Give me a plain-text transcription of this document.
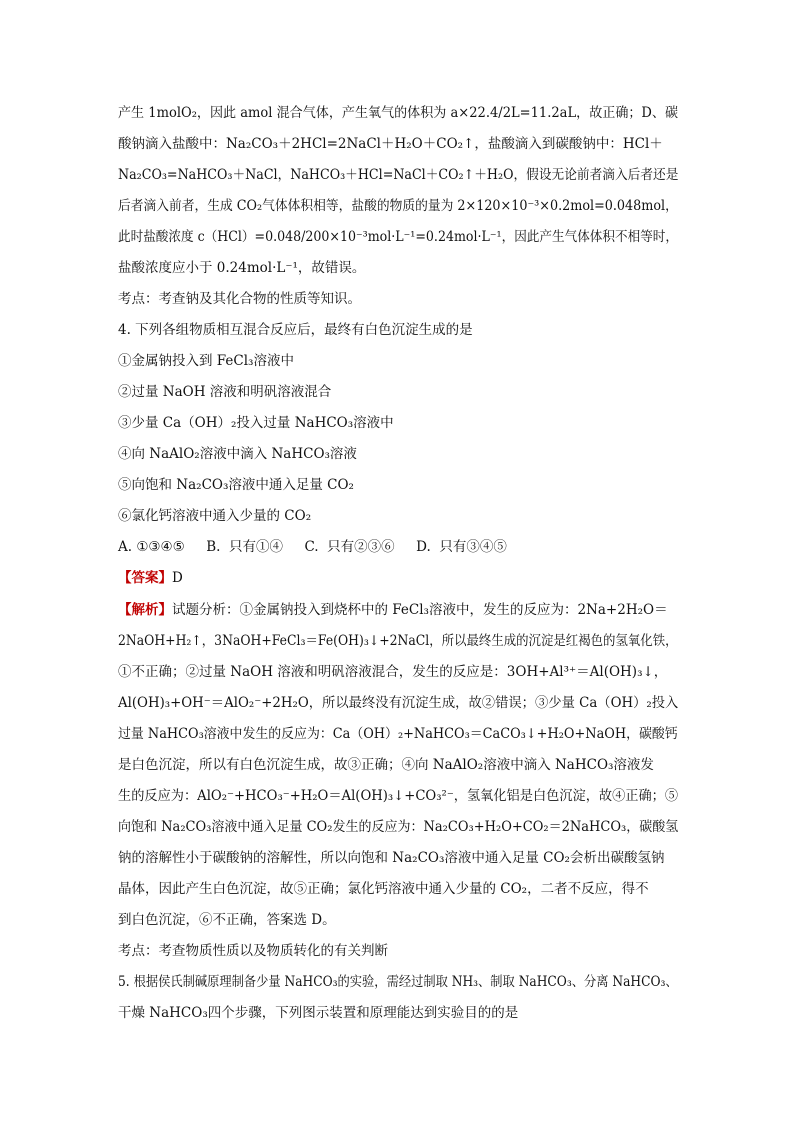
产生 1molO₂，因此 amol 混合气体，产生氧气的体积为 a×22.4/2L=11.2aL，故正确；D、碳
酸钠滴入盐酸中：Na₂CO₃＋2HCl=2NaCl＋H₂O＋CO₂↑，盐酸滴入到碳酸钠中：HCl＋
Na₂CO₃=NaHCO₃＋NaCl，NaHCO₃＋HCl=NaCl＋CO₂↑＋H₂O，假设无论前者滴入后者还是
后者滴入前者，生成 CO₂气体体积相等，盐酸的物质的量为 2×120×10⁻³×0.2mol=0.048mol，
此时盐酸浓度 c（HCl）=0.048/200×10⁻³mol·L⁻¹=0.24mol·L⁻¹，因此产生气体体积不相等时，
盐酸浓度应小于 0.24mol·L⁻¹，故错误。
考点：考查钠及其化合物的性质等知识。
4. 下列各组物质相互混合反应后，最终有白色沉淀生成的是
①金属钠投入到 FeCl₃溶液中
②过量 NaOH 溶液和明矾溶液混合
③少量 Ca（OH）₂投入过量 NaHCO₃溶液中
④向 NaAlO₂溶液中滴入 NaHCO₃溶液
⑤向饱和 Na₂CO₃溶液中通入足量 CO₂
⑥氯化钙溶液中通入少量的 CO₂
A. ①③④⑤     B.  只有①④     C.  只有②③⑥     D.  只有③④⑤
【答案】D
【解析】试题分析：①金属钠投入到烧杯中的 FeCl₃溶液中，发生的反应为：2Na+2H₂O＝
2NaOH+H₂↑，3NaOH+FeCl₃＝Fe(OH)₃↓+2NaCl，所以最终生成的沉淀是红褐色的氢氧化铁，
①不正确；②过量 NaOH 溶液和明矾溶液混合，发生的反应是：3OH+Al³⁺＝Al(OH)₃↓，
Al(OH)₃+OH⁻＝AlO₂⁻+2H₂O，所以最终没有沉淀生成，故②错误；③少量 Ca（OH）₂投入
过量 NaHCO₃溶液中发生的反应为：Ca（OH）₂+NaHCO₃＝CaCO₃↓+H₂O+NaOH，碳酸钙
是白色沉淀，所以有白色沉淀生成，故③正确；④向 NaAlO₂溶液中滴入 NaHCO₃溶液发
生的反应为：AlO₂⁻+HCO₃⁻+H₂O＝Al(OH)₃↓+CO₃²⁻，氢氧化铝是白色沉淀，故④正确；⑤
向饱和 Na₂CO₃溶液中通入足量 CO₂发生的反应为：Na₂CO₃+H₂O+CO₂＝2NaHCO₃，碳酸氢
钠的溶解性小于碳酸钠的溶解性，所以向饱和 Na₂CO₃溶液中通入足量 CO₂会析出碳酸氢钠
晶体，因此产生白色沉淀，故⑤正确；氯化钙溶液中通入少量的 CO₂，二者不反应，得不
到白色沉淀，⑥不正确，答案选 D。
考点：考查物质性质以及物质转化的有关判断
5. 根据侯氏制碱原理制备少量 NaHCO₃的实验，需经过制取 NH₃、制取 NaHCO₃、分离 NaHCO₃、
干燥 NaHCO₃四个步骤，下列图示装置和原理能达到实验目的的是
